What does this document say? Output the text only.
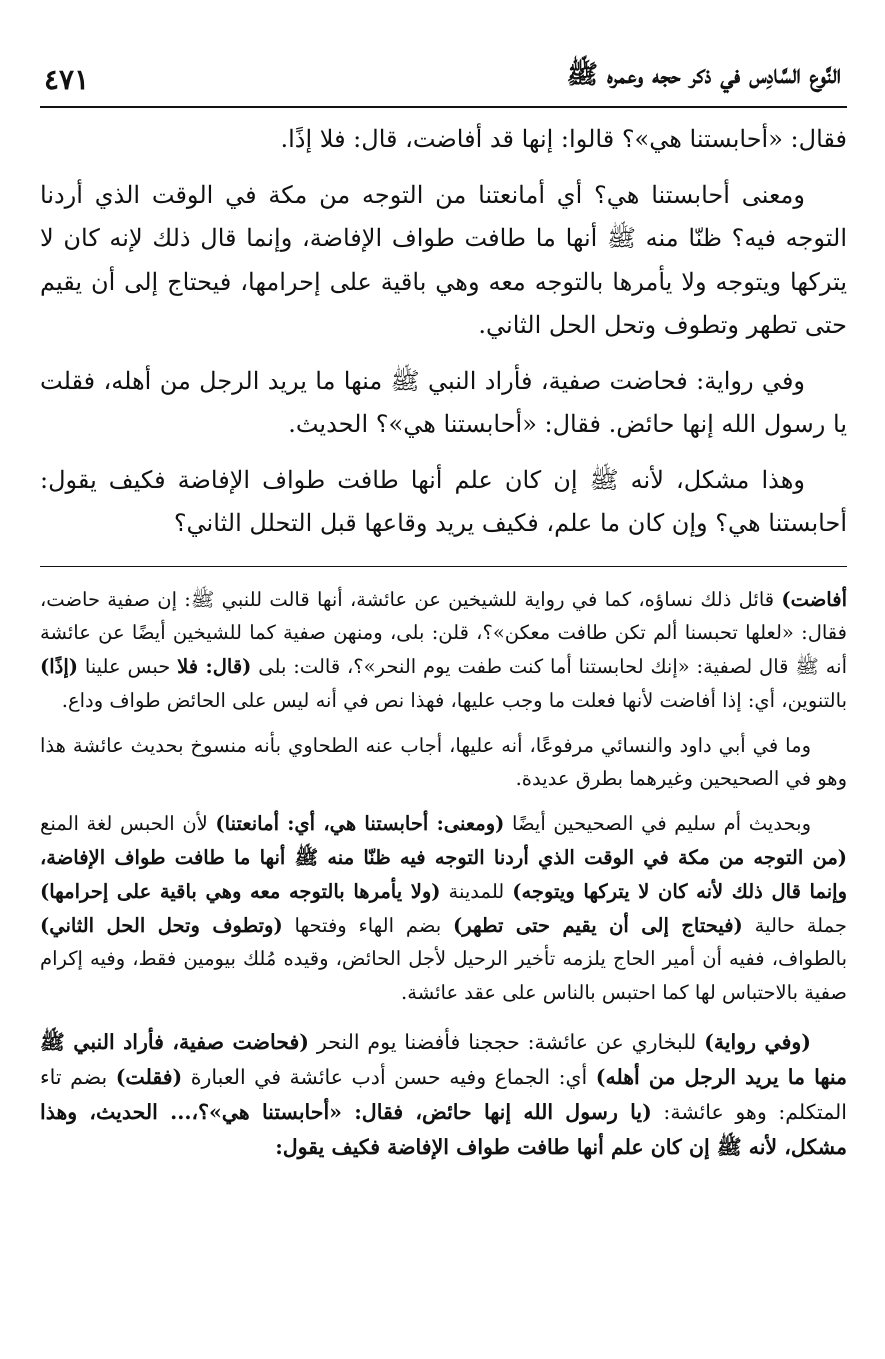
النَّوع السَّادِس في ذكر حجه وعمره ﷺ
٤٧١

فقال: «أحابستنا هي»؟ قالوا: إنها قد أفاضت، قال: فلا إذًا.

ومعنى أحابستنا هي؟ أي أمانعتنا من التوجه من مكة في الوقت الذي أردنا التوجه فيه؟ ظنّا منه ﷺ أنها ما طافت طواف الإفاضة، وإنما قال ذلك لإنه كان لا يتركها ويتوجه ولا يأمرها بالتوجه معه وهي باقية على إحرامها، فيحتاج إلى أن يقيم حتى تطهر وتطوف وتحل الحل الثاني.

وفي رواية: فحاضت صفية، فأراد النبي ﷺ منها ما يريد الرجل من أهله، فقلت يا رسول الله إنها حائض. فقال: «أحابستنا هي»؟ الحديث.

وهذا مشكل، لأنه ﷺ إن كان علم أنها طافت طواف الإفاضة فكيف يقول: أحابستنا هي؟ وإن كان ما علم، فكيف يريد وقاعها قبل التحلل الثاني؟

أفاضت) قائل ذلك نساؤه، كما في رواية للشيخين عن عائشة، أنها قالت للنبي ﷺ: إن صفية حاضت، فقال: «لعلها تحبسنا ألم تكن طافت معكن»؟، قلن: بلى، ومنهن صفية كما للشيخين أيضًا عن عائشة أنه ﷺ قال لصفية: «إنك لحابستنا أما كنت طفت يوم النحر»؟، قالت: بلى (قال: فلا حبس علينا (إذًا) بالتنوين، أي: إذا أفاضت لأنها فعلت ما وجب عليها، فهذا نص في أنه ليس على الحائض طواف وداع.

وما في أبي داود والنسائي مرفوعًا، أنه عليها، أجاب عنه الطحاوي بأنه منسوخ بحديث عائشة هذا وهو في الصحيحين وغيرهما بطرق عديدة.

وبحديث أم سليم في الصحيحين أيضًا (ومعنى: أحابستنا هي، أي: أمانعتنا) لأن الحبس لغة المنع (من التوجه من مكة في الوقت الذي أردنا التوجه فيه ظنّا منه ﷺ أنها ما طافت طواف الإفاضة، وإنما قال ذلك لأنه كان لا يتركها ويتوجه) للمدينة (ولا يأمرها بالتوجه معه وهي باقية على إحرامها) جملة حالية (فيحتاج إلى أن يقيم حتى تطهر) بضم الهاء وفتحها (وتطوف وتحل الحل الثاني) بالطواف، ففيه أن أمير الحاج يلزمه تأخير الرحيل لأجل الحائض، وقيده مُلك بيومين فقط، وفيه إكرام صفية بالاحتباس لها كما احتبس بالناس على عقد عائشة.

(وفي رواية) للبخاري عن عائشة: حججنا فأفضنا يوم النحر (فحاضت صفية، فأراد النبي ﷺ منها ما يريد الرجل من أهله) أي: الجماع وفيه حسن أدب عائشة في العبارة (فقلت) بضم تاء المتكلم: وهو عائشة: (يا رسول الله إنها حائض، فقال: «أحابستنا هي»؟،... الحديث، وهذا مشكل، لأنه ﷺ إن كان علم أنها طافت طواف الإفاضة فكيف يقول:
